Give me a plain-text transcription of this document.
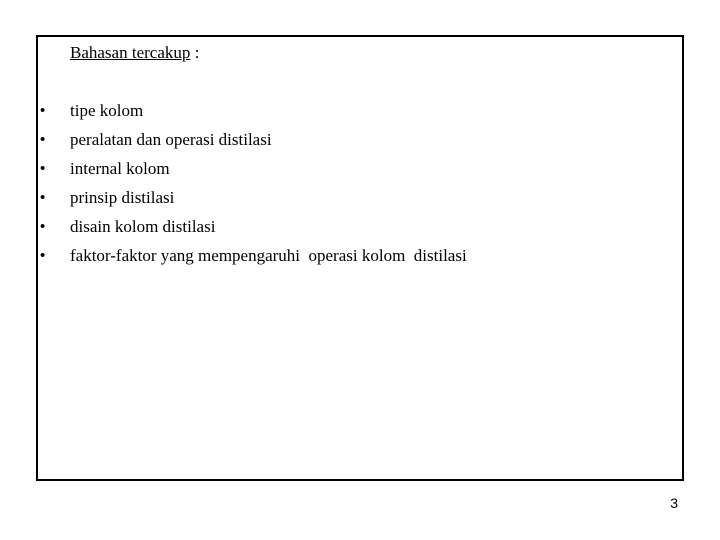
Bahasan tercakup :
•	tipe kolom
•	peralatan dan operasi distilasi
•	internal kolom
•	prinsip distilasi
•	disain kolom distilasi
•	faktor-faktor yang mempengaruhi  operasi kolom  distilasi
3
